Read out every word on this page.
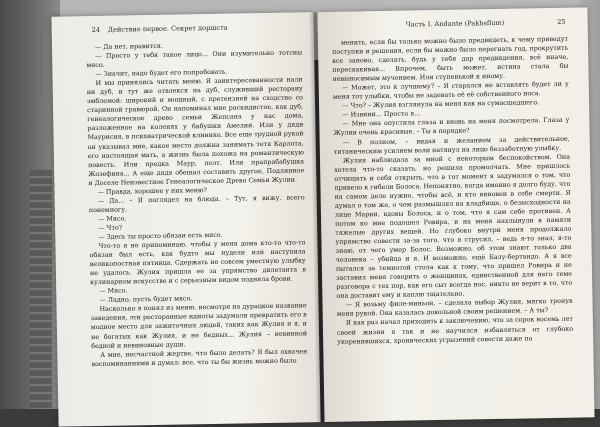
24 Действие первое. Секрет доршста
— Да нет, нравится.
— Просто у тебя такое лицо... Они изумительно тотсны мясо.
— Значит, надо будет его попробовать.
И мы принялись читать меню. Я заинтересованности нали ни дуб, и тут же отвлекся на дуб, служивший рестораиу эмблемой: широкий и мощный, с претензией на сходство со старинной гравюрой. Он напоминал мне раскидистое, как дуб, генеалогическое древо семьи Жепсана у нас дома, разложенное на коленях у бабушки Амелии. Или у дяди Маурисия, в психиатрической клинике. Все еще трудной рукой он указывал мне, какое место должна занимать тетя Карлота, его настоящая мать, а жизнь была похожа на романтическую повесть. Или предка Маур, поэт. Или прапрабабушка Жозефина... А еще дядя обещал составить другое, Подлинное и Доселе Неизвестное Генеалогическое Древо Семьи Жулии.
— Правда, хорошее у них меню?
— Да... – Я поглядел на блюда. – Тут, я вижу, всего понемногу.
— Мясо.
— Что?
— Здесь ты просто обязан есть мясо.
Что-то я не припоминаю, чтобы у меня дома кто-то что-то обязан был есть, как будто мы нудели или наступила великопостная пятница. Сдержать не совсем уместную улыбку не удалось. Жулия пришла ее за упрямство дилетанта в кулинарном искусстве и с серьезным видом подняла брови.
— Мясо.
— Ладно, пусть будет мясо.
Насколько я понял из меню, несмотря на дурацкое название заведения, эти ресторанные идиоты задумали превратить его в модное место для зажиточных людей, таких как Жулия и я, и не богатых как Жулия, и не бедных... Жулия – невинной бедной и невиновные души.
А мне, несчастной жертве, что было делать? Я был охвачен воспоминаниями и думал: все, что ты бы жизнь можно было
Часть I. Andante (Pakhsflum)	25
менить, если бы только можно было предвидеть, к чему приведут поступки и решения, если бы можно было перегнать год, прокрутить все заново, сделать, будь у тебя дар предвидения, всё иначе, перескакивая... Впрочем, быть может, истина стала бы невыносимым мучением. Или ступенькой к иному.
— Может, это к лучшему? – Я старался не вставлять будет ли у меня тот улыбки, чтобы не задевать её её собственного носа.
— Что? – Жулия взглянула на меня как на сумасшедшего.
— Извини... Просто я...
— Мне она опустила глаза и вновь на меня посмотрела. Глаза у Жулии очень красивые. – Ты в порядке?
— В полном, – видая и желанием за действительное, титаническим усилием воли натянул на лицо беззаботную улыбку.
Жулия наблюдала за мной с некоторым беспокойством. Она хотела что-то сказать, но решила промолчать. Мне пришлось отчищать и себя открыть, что в тот момент я задумался о том, что привело к гибели Болоса. Непонятно, когда именно я долго буду, что на самом деле нужно, чтобы всё, и кто виновен в себе смерти. Я думал о том же, о чем размышлял на кладбище, о безысходности на лице Марии, вдовы Болоса, и о том, что я сам себе противен. А потом ко мне подошел Ровира, и на меня нахлынули в памяти тяжелые других вещей. Но глубоко внутри меня продолжало упрямство совести за-за того, что я струсил, – ведь я-то знал, я-то знаю, от чего умер Болос. Возможно, об этом знают только два человека – убийца и я. И возможно, ещё Балу-бертандо. А я все пытался за темнотой стола как к тому, что пришел Ровира и не заставил меня говорить о женщинах, единственной для него теме разговора с тех пор, как его сыт всегда нос, никто не верит в то, что она доставит ему и каплю тщательно.
— Я возьму филе-миньон, – сделала выбор Жулия, мягко тронув меня рукой. Она казалась довольной своим решением. – А ты?
Я как раз начал приходить к заключению, что за сорок восемь лет своей жизни я так и не научился избавляться от глубоко укоренившихся, хронических угрызений совести даже по
